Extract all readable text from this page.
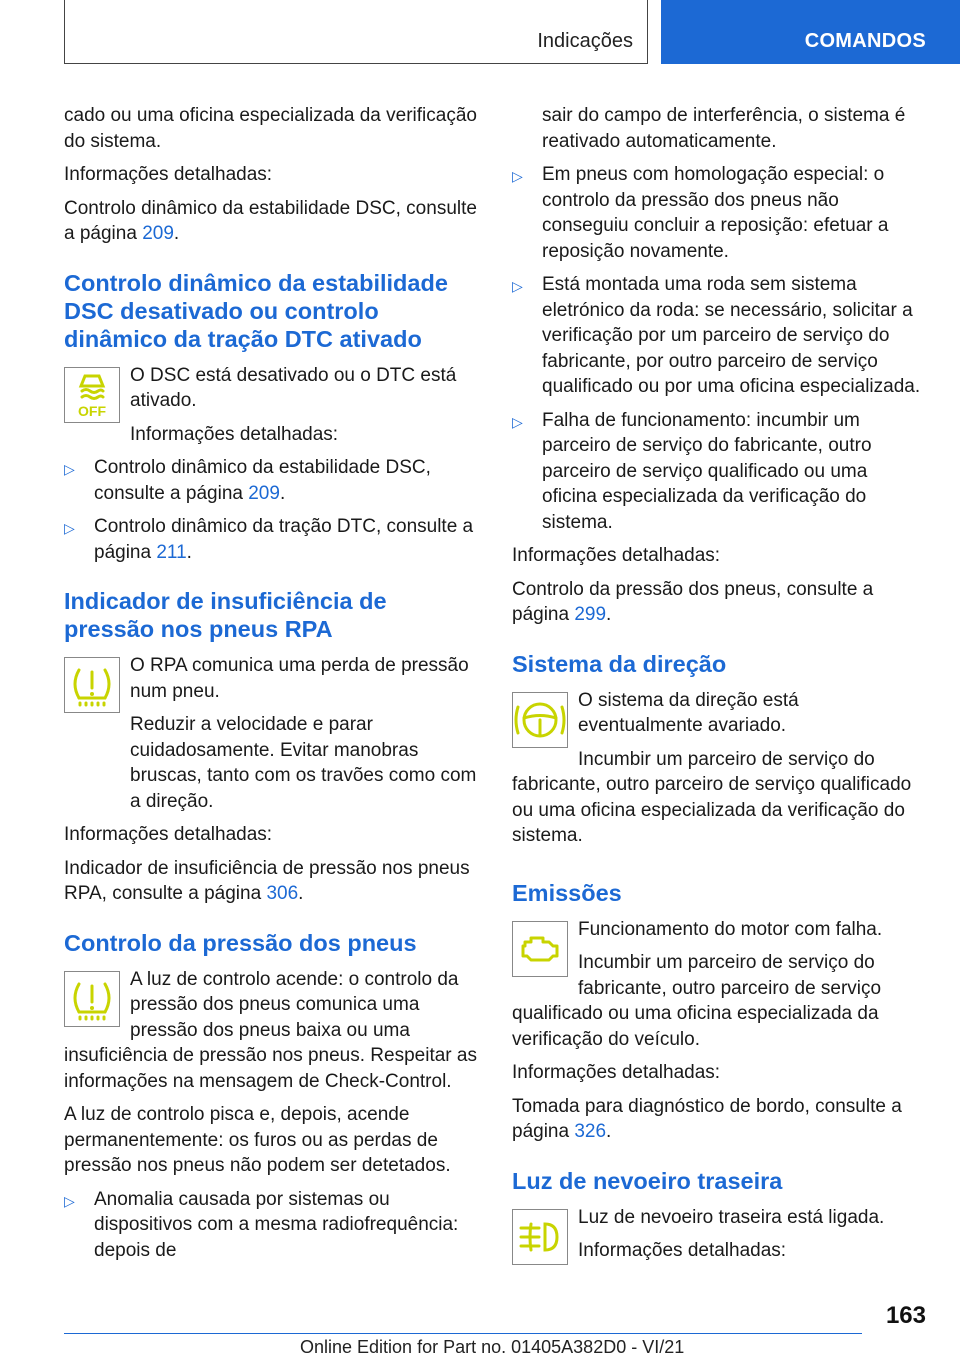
Indicações	COMANDOS

cado ou uma oficina especializada da verificação do sistema.

Informações detalhadas:

Controlo dinâmico da estabilidade DSC, consulte a página 209.

Controlo dinâmico da estabilidade DSC desativado ou controlo dinâmico da tração DTC ativado
OFF

O DSC está desativado ou o DTC está ativado.

Informações detalhadas:

▷ Controlo dinâmico da estabilidade DSC, consulte a página 209.

▷ Controlo dinâmico da tração DTC, consulte a página 211.

Indicador de insuficiência de pressão nos pneus RPA

O RPA comunica uma perda de pressão num pneu.

Reduzir a velocidade e parar cuidadosamente. Evitar manobras bruscas, tanto com os travões como com a direção.

Informações detalhadas:

Indicador de insuficiência de pressão nos pneus RPA, consulte a página 306.

Controlo da pressão dos pneus

A luz de controlo acende: o controlo da pressão dos pneus comunica uma pressão dos pneus baixa ou uma insuficiência de pressão nos pneus. Respeitar as informações na mensagem de Check-Control.

A luz de controlo pisca e, depois, acende permanentemente: os furos ou as perdas de pressão nos pneus não podem ser detetados.

▷ Anomalia causada por sistemas ou dispositivos com a mesma radiofrequência: depois de

sair do campo de interferência, o sistema é reativado automaticamente.

▷ Em pneus com homologação especial: o controlo da pressão dos pneus não conseguiu concluir a reposição: efetuar a reposição novamente.

▷ Está montada uma roda sem sistema eletrónico da roda: se necessário, solicitar a verificação por um parceiro de serviço do fabricante, por outro parceiro de serviço qualificado ou por uma oficina especializada.

▷ Falha de funcionamento: incumbir um parceiro de serviço do fabricante, outro parceiro de serviço qualificado ou uma oficina especializada da verificação do sistema.

Informações detalhadas:

Controlo da pressão dos pneus, consulte a página 299.

Sistema da direção
!

O sistema da direção está eventualmente avariado.

Incumbir um parceiro de serviço do fabricante, outro parceiro de serviço qualificado ou uma oficina especializada da verificação do sistema.

Emissões

Funcionamento do motor com falha.

Incumbir um parceiro de serviço do fabricante, outro parceiro de serviço qualificado ou uma oficina especializada da verificação do veículo.

Informações detalhadas:

Tomada para diagnóstico de bordo, consulte a página 326.

Luz de nevoeiro traseira

Luz de nevoeiro traseira está ligada.

Informações detalhadas:

163
Online Edition for Part no. 01405A382D0 - VI/21
